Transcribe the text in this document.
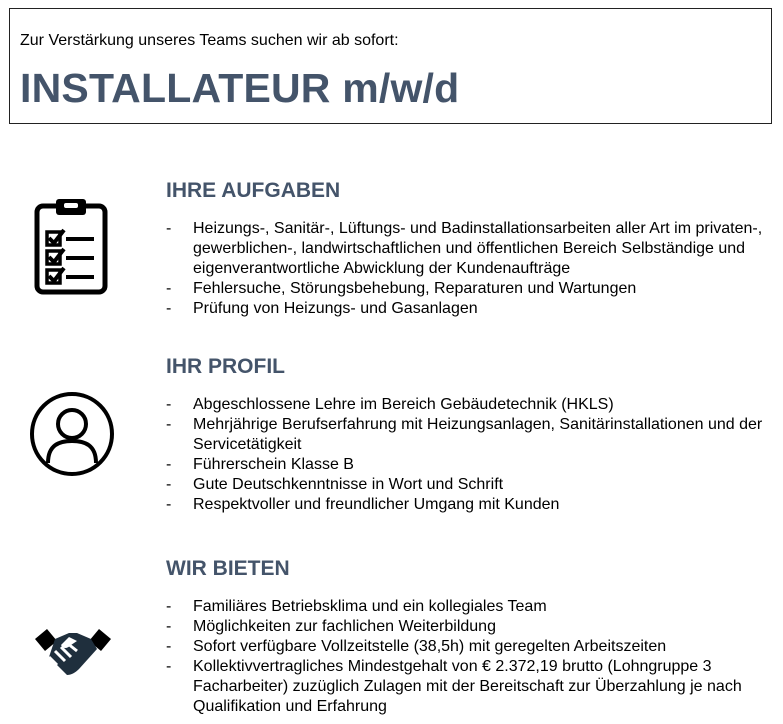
Zur Verstärkung unseres Teams suchen wir ab sofort:
INSTALLATEUR m/w/d
IHRE AUFGABEN
- Heizungs-, Sanitär-, Lüftungs- und Badinstallationsarbeiten aller Art im privaten-, gewerblichen-, landwirtschaftlichen und öffentlichen Bereich Selbständige und eigenverantwortliche Abwicklung der Kundenaufträge
- Fehlersuche, Störungsbehebung, Reparaturen und Wartungen
- Prüfung von Heizungs- und Gasanlagen
IHR PROFIL
- Abgeschlossene Lehre im Bereich Gebäudetechnik (HKLS)
- Mehrjährige Berufserfahrung mit Heizungsanlagen, Sanitärinstallationen und der Servicetätigkeit
- Führerschein Klasse B
- Gute Deutschkenntnisse in Wort und Schrift
- Respektvoller und freundlicher Umgang mit Kunden
WIR BIETEN
- Familiäres Betriebsklima und ein kollegiales Team
- Möglichkeiten zur fachlichen Weiterbildung
- Sofort verfügbare Vollzeitstelle (38,5h) mit geregelten Arbeitszeiten
- Kollektivvertragliches Mindestgehalt von € 2.372,19 brutto (Lohngruppe 3 Facharbeiter) zuzüglich Zulagen mit der Bereitschaft zur Überzahlung je nach Qualifikation und Erfahrung
